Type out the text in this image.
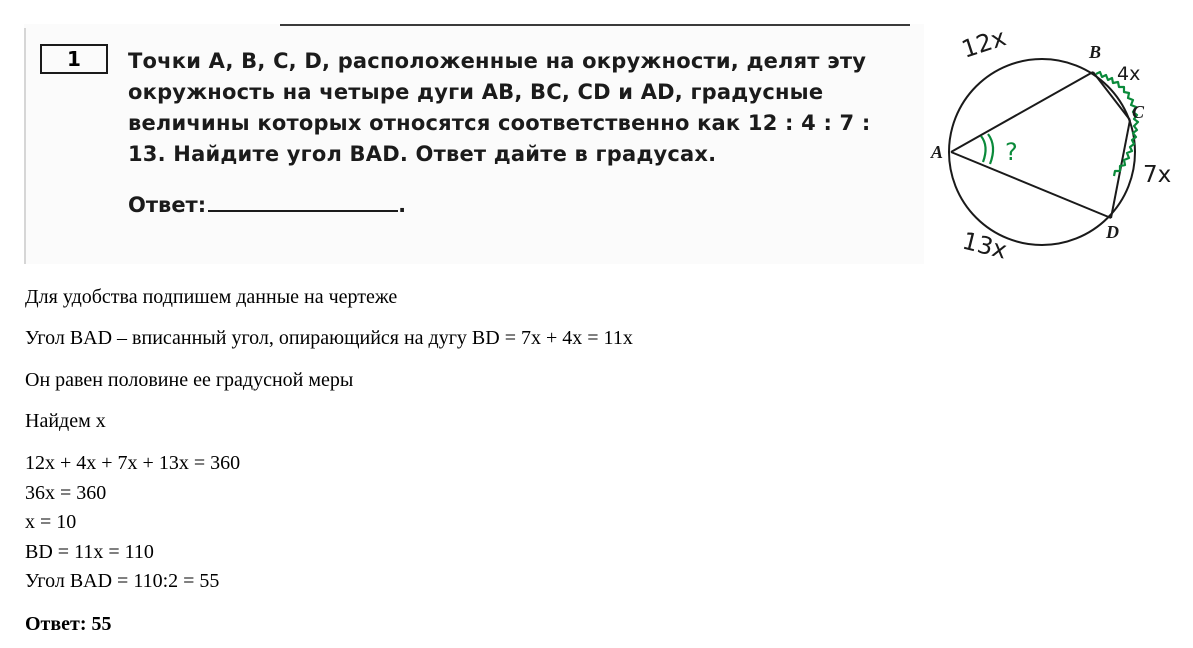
1	Точки A, B, C, D, расположенные на окружности, делят эту окружность на четыре дуги AB, BC, CD и AD, градусные величины которых относятся соответственно как 12 : 4 : 7 : 13. Найдите угол BAD. Ответ дайте в градусах.
Ответ:	.
?
A
B
C
D
12x
4x
7x
13x
Для удобства подпишем данные на чертеже
Угол BAD – вписанный угол, опирающийся на дугу BD = 7x + 4x = 11x
Он равен половине ее градусной меры
Найдем x
12x + 4x + 7x + 13x = 360
36x = 360
x = 10
BD = 11x = 110
Угол BAD = 110:2 = 55
Ответ: 55
